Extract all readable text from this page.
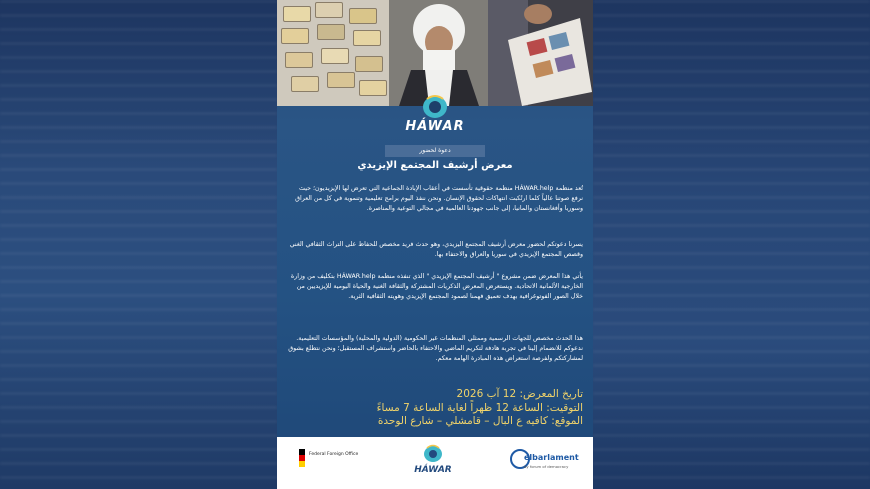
HÁWAR
دعوة لحضور
معرض أرشيف المجتمع الإيزيدي
تُعد منظمة HÁWAR.help منظمة حقوقية تأسست في أعقاب الإبادة الجماعية التي تعرض لها الإيزيديون؛ حيث نرفع صوتنا عالياً كلما ارتُكبت انتهاكات لحقوق الإنسان. ونحن ننفذ اليوم برامج تعليمية وتنموية في كل من العراق وسوريا وأفغانستان والمانيا، إلى جانب جهودنا العالمية في مجالي التوعية والمناصرة.
يسرنا دعوتكم لحضور معرض أرشيف المجتمع اليزيدي، وهو حدث فريد مخصص للحفاظ على التراث الثقافي الغني وقصص المجتمع الإيزيدي في سوريا والعراق والاحتفاء بها.
يأتي هذا المعرض ضمن مشروع " أرشيف المجتمع الإيزيدي " الذي تنفذه منظمة HÁWAR.help بتكليف من وزارة الخارجية الألمانية الاتحادية. ويستعرض المعرض الذكريات المشتركة والثقافة الغنية والحياة اليومية للإيزيديين من خلال الصور الفوتوغرافية بهدف تعميق فهمنا لصمود المجتمع الإيزيدي وهويته الثقافية الثرية.
هذا الحدث مخصص للجهات الرسمية وممثلي المنظمات غير الحكومية (الدولية والمحلية) والمؤسسات التعليمية. ندعوكم للانضمام إلينا في تجربة هادفة لتكريم الماضي والاحتفاء بالحاضر واستشراف المستقبل؛ ونحن نتطلع بشوق لمشاركتكم ولفرصة استعراض هذه المبادرة الهامة معكم.
تاريخ المعرض: 12 آب 2026
التوقيت: الساعة 12 ظهراً لغاية الساعة 7 مساءً
الموقع: كافيه ع البال – قامشلي – شارع الوحدة
Federal Foreign Office
HÁWAR
elbarlament
by forum of democracy
